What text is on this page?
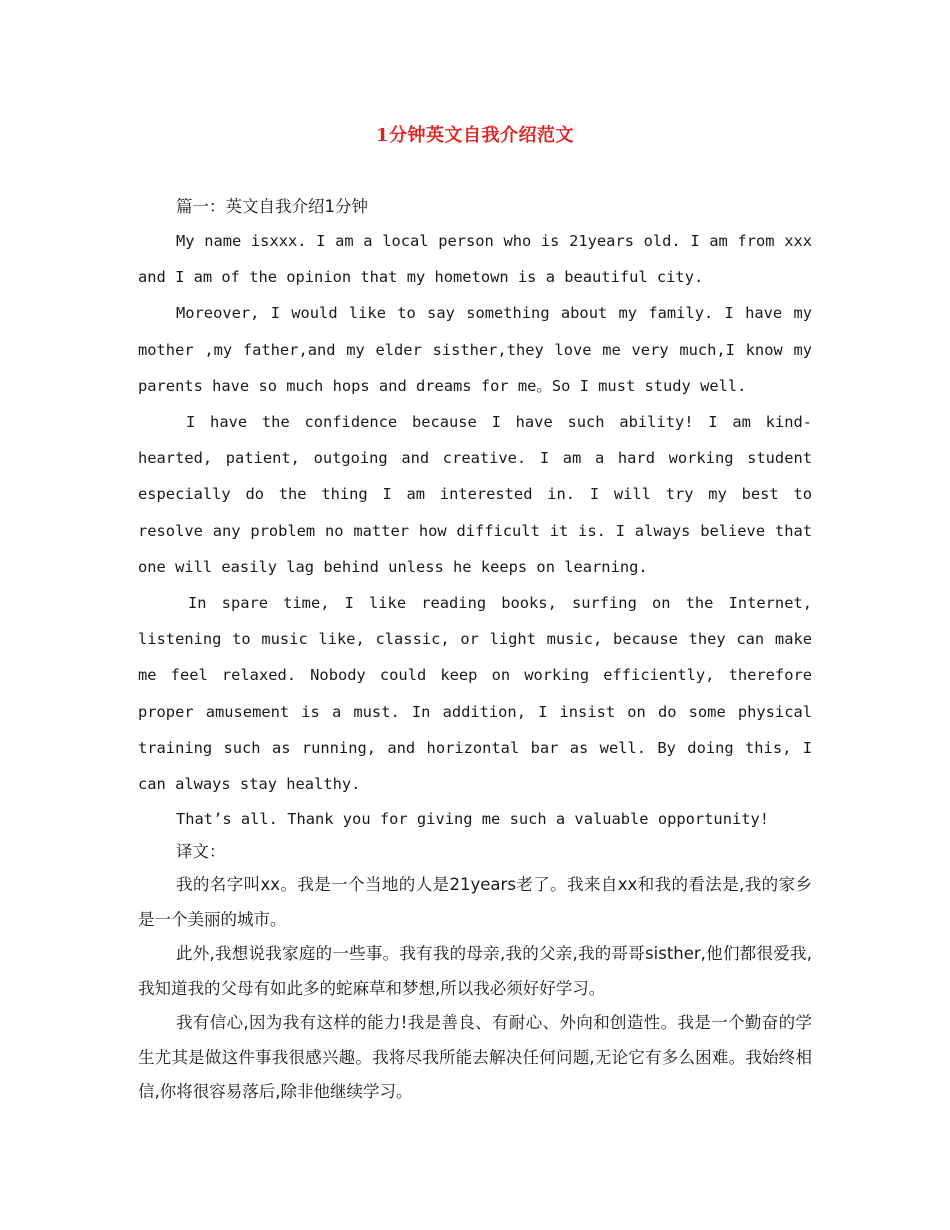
1分钟英文自我介绍范文

篇一：英文自我介绍1分钟

My name isxxx. I am a local person who is 21years old. I am from xxx and I am of the opinion that my hometown is a beautiful city.

Moreover, I would like to say something about my family. I have my mother ,my father,and my elder sisther,they love me very much,I know my parents have so much hops and dreams for me。So I must study well.

I have the confidence because I have such ability! I am kind-hearted, patient, outgoing and creative. I am a hard working student especially do the thing I am interested in. I will try my best to resolve any problem no matter how difficult it is. I always believe that one will easily lag behind unless he keeps on learning.

In spare time, I like reading books, surfing on the Internet, listening to music like, classic, or light music, because they can make me feel relaxed. Nobody could keep on working efficiently, therefore proper amusement is a must. In addition, I insist on do some physical training such as running, and horizontal bar as well. By doing this, I can always stay healthy.

That’s all. Thank you for giving me such a valuable opportunity!

译文：

我的名字叫xx。我是一个当地的人是21years老了。我来自xx和我的看法是,我的家乡是一个美丽的城市。

此外,我想说我家庭的一些事。我有我的母亲,我的父亲,我的哥哥sisther,他们都很爱我,我知道我的父母有如此多的蛇麻草和梦想,所以我必须好好学习。

我有信心,因为我有这样的能力!我是善良、有耐心、外向和创造性。我是一个勤奋的学生尤其是做这件事我很感兴趣。我将尽我所能去解决任何问题,无论它有多么困难。我始终相信,你将很容易落后,除非他继续学习。
